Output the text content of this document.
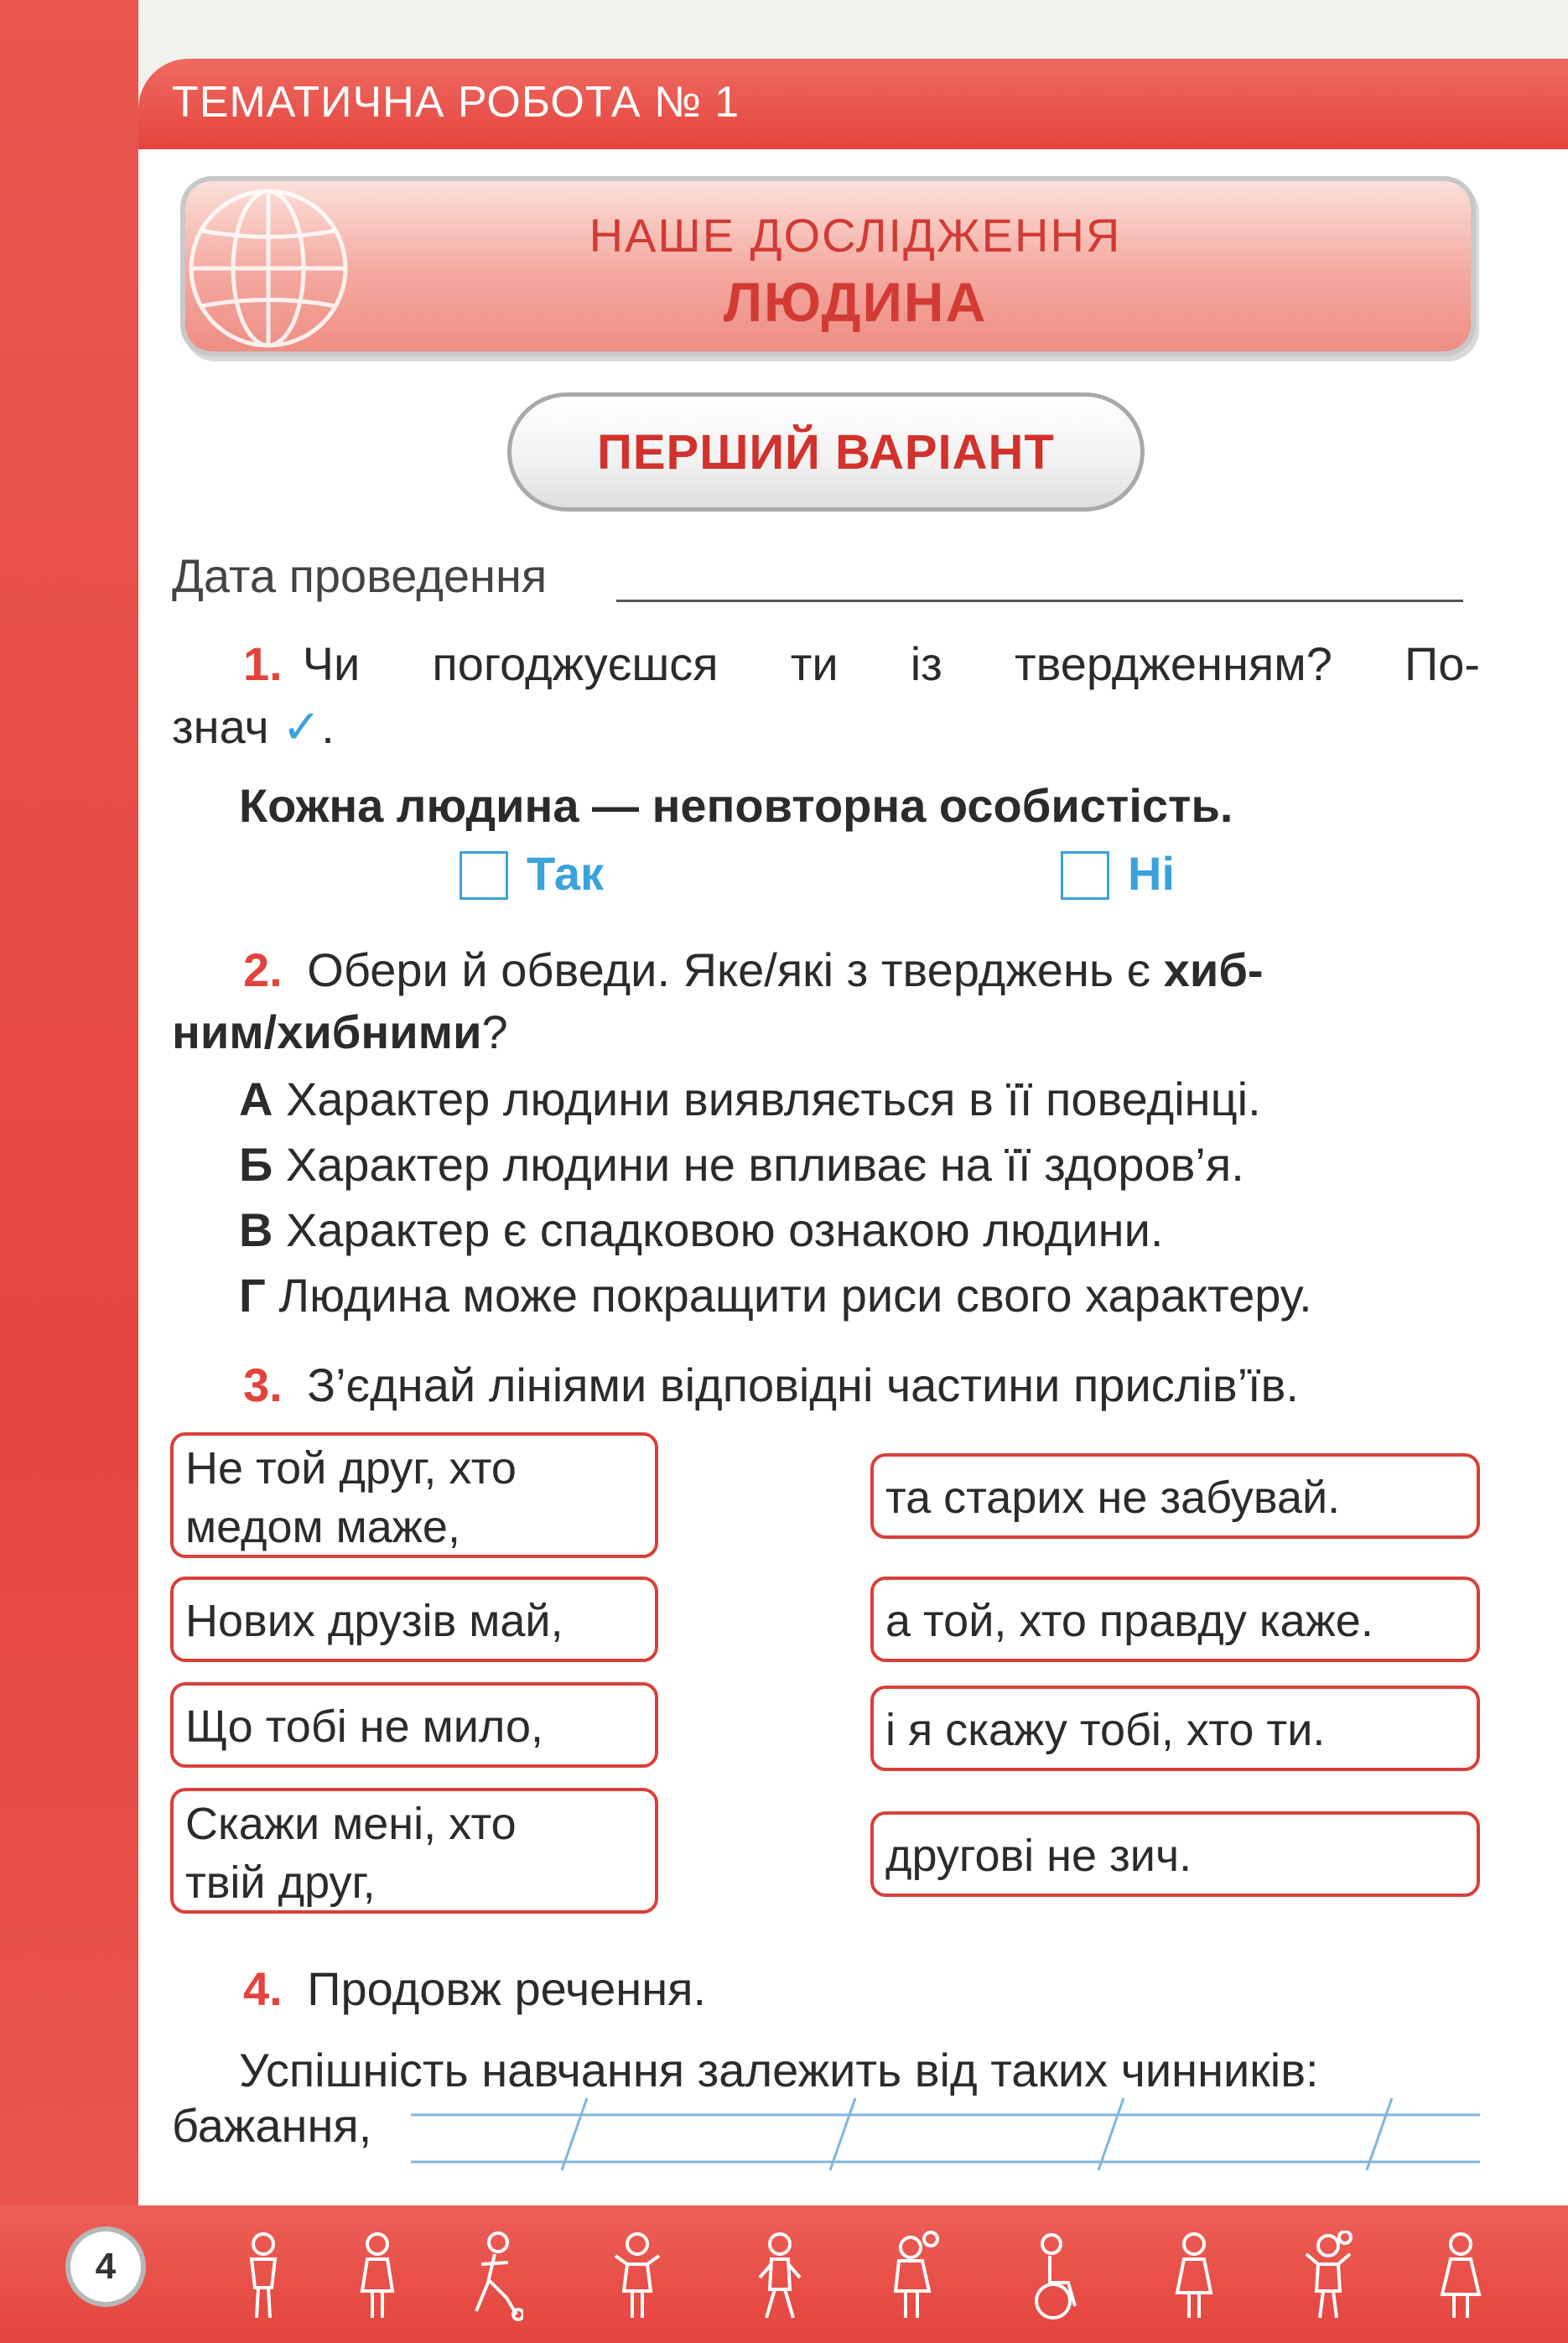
ТЕМАТИЧНА РОБОТА № 1
НАШЕ ДОСЛІДЖЕННЯ
ЛЮДИНА
ПЕРШИЙ ВАРІАНТ
Дата проведення
1. Чи погоджуєшся ти із твердженням? По-
знач ✓.
Кожна людина — неповторна особистість.
Так	Ні
2. Обери й обведи. Яке/які з тверджень є хиб-
ним/хибними?
А Характер людини виявляється в її поведінці.
Б Характер людини не впливає на її здоров’я.
В Характер є спадковою ознакою людини.
Г Людина може покращити риси свого характеру.
3. З’єднай лініями відповідні частини прислів’їв.
Не той друг, хто
медом маже,
Нових друзів май,
Що тобі не мило,
Скажи мені, хто
твій друг,
та старих не забувай.
а той, хто правду каже.
і я скажу тобі, хто ти.
другові не зич.
4. Продовж речення.
Успішність навчання залежить від таких чинників:
бажання,
4
